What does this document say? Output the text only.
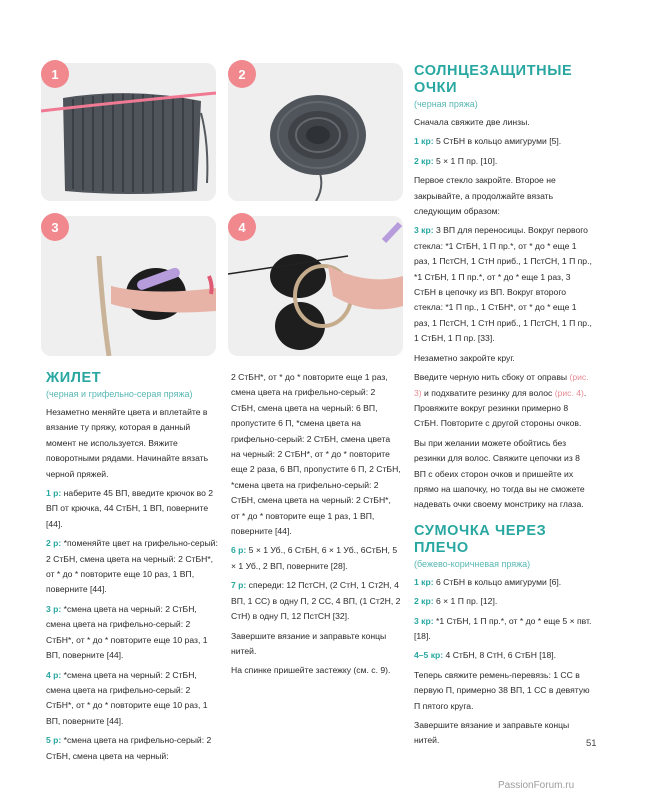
1	2
3	4
ЖИЛЕТ

(черная и грифельно-серая пряжа)

Незаметно меняйте цвета и вплетайте в вязание ту пряжу, которая в данный момент не используется. Вяжите поворотными рядами. Начинайте вязать черной пряжей.

1 р: наберите 45 ВП, введите крючок во 2 ВП от крючка, 44 СтБН, 1 ВП, поверните [44].

2 р: *поменяйте цвет на грифельно-серый: 2 СтБН, смена цвета на черный: 2 СтБН*, от * до * повторите еще 10 раз, 1 ВП, поверните [44].

3 р: *смена цвета на черный: 2 СтБН, смена цвета на грифельно-серый: 2 СтБН*, от * до * повторите еще 10 раз, 1 ВП, поверните [44].

4 р: *смена цвета на черный: 2 СтБН, смена цвета на грифельно-серый: 2 СтБН*, от * до * повторите еще 10 раз, 1 ВП, поверните [44].

5 р: *смена цвета на грифельно-серый: 2 СтБН, смена цвета на черный:

2 СтБН*, от * до * повторите еще 1 раз, смена цвета на грифельно-серый: 2 СтБН, смена цвета на черный: 6 ВП, пропустите 6 П, *смена цвета на грифельно-серый: 2 СтБН, смена цвета на черный: 2 СтБН*, от * до * повторите еще 2 раза, 6 ВП, пропустите 6 П, 2 СтБН, *смена цвета на грифельно-серый: 2 СтБН, смена цвета на черный: 2 СтБН*, от * до * повторите еще 1 раз, 1 ВП, поверните [44].

6 р: 5 × 1 Уб., 6 СтБН, 6 × 1 Уб., 6СтБН, 5 × 1 Уб., 2 ВП, поверните [28].

7 р: спереди: 12 ПстСН, (2 СтН, 1 Ст2Н, 4 ВП, 1 СС) в одну П, 2 СС, 4 ВП, (1 Ст2Н, 2 СтН) в одну П, 12 ПстСН [32].

Завершите вязание и заправьте концы нитей.

На спинке пришейте застежку (см. с. 9).

СОЛНЦЕЗАЩИТНЫЕ ОЧКИ

(черная пряжа)

Сначала свяжите две линзы.

1 кр: 5 СтБН в кольцо амигуруми [5].

2 кр: 5 × 1 П пр. [10].

Первое стекло закройте. Второе не закрывайте, а продолжайте вязать следующим образом:

3 кр: 3 ВП для переносицы. Вокруг первого стекла: *1 СтБН, 1 П пр.*, от * до * еще 1 раз, 1 ПстСН, 1 СтН приб., 1 ПстСН, 1 П пр., *1 СтБН, 1 П пр.*, от * до * еще 1 раз, 3 СтБН в цепочку из ВП. Вокруг второго стекла: *1 П пр., 1 СтБН*, от * до * еще 1 раз, 1 ПстСН, 1 СтН приб., 1 ПстСН, 1 П пр., 1 СтБН, 1 П пр. [33].

Незаметно закройте круг.

Введите черную нить сбоку от оправы (рис. 3) и подхватите резинку для волос (рис. 4). Провяжите вокруг резинки примерно 8 СтБН. Повторите с другой стороны очков.

Вы при желании можете обойтись без резинки для волос. Свяжите цепочки из 8 ВП с обеих сторон очков и пришейте их прямо на шапочку, но тогда вы не сможете надевать очки своему монстрику на глаза.

СУМОЧКА ЧЕРЕЗ ПЛЕЧО

(бежево-коричневая пряжа)

1 кр: 6 СтБН в кольцо амигуруми [6].

2 кр: 6 × 1 П пр. [12].

3 кр: *1 СтБН, 1 П пр.*, от * до * еще 5 × пвт. [18].

4–5 кр: 4 СтБН, 8 СтН, 6 СтБН [18].

Теперь свяжите ремень-перевязь: 1 СС в первую П, примерно 38 ВП, 1 СС в девятую П пятого круга.

Завершите вязание и заправьте концы нитей.	51
PassionForum.ru
